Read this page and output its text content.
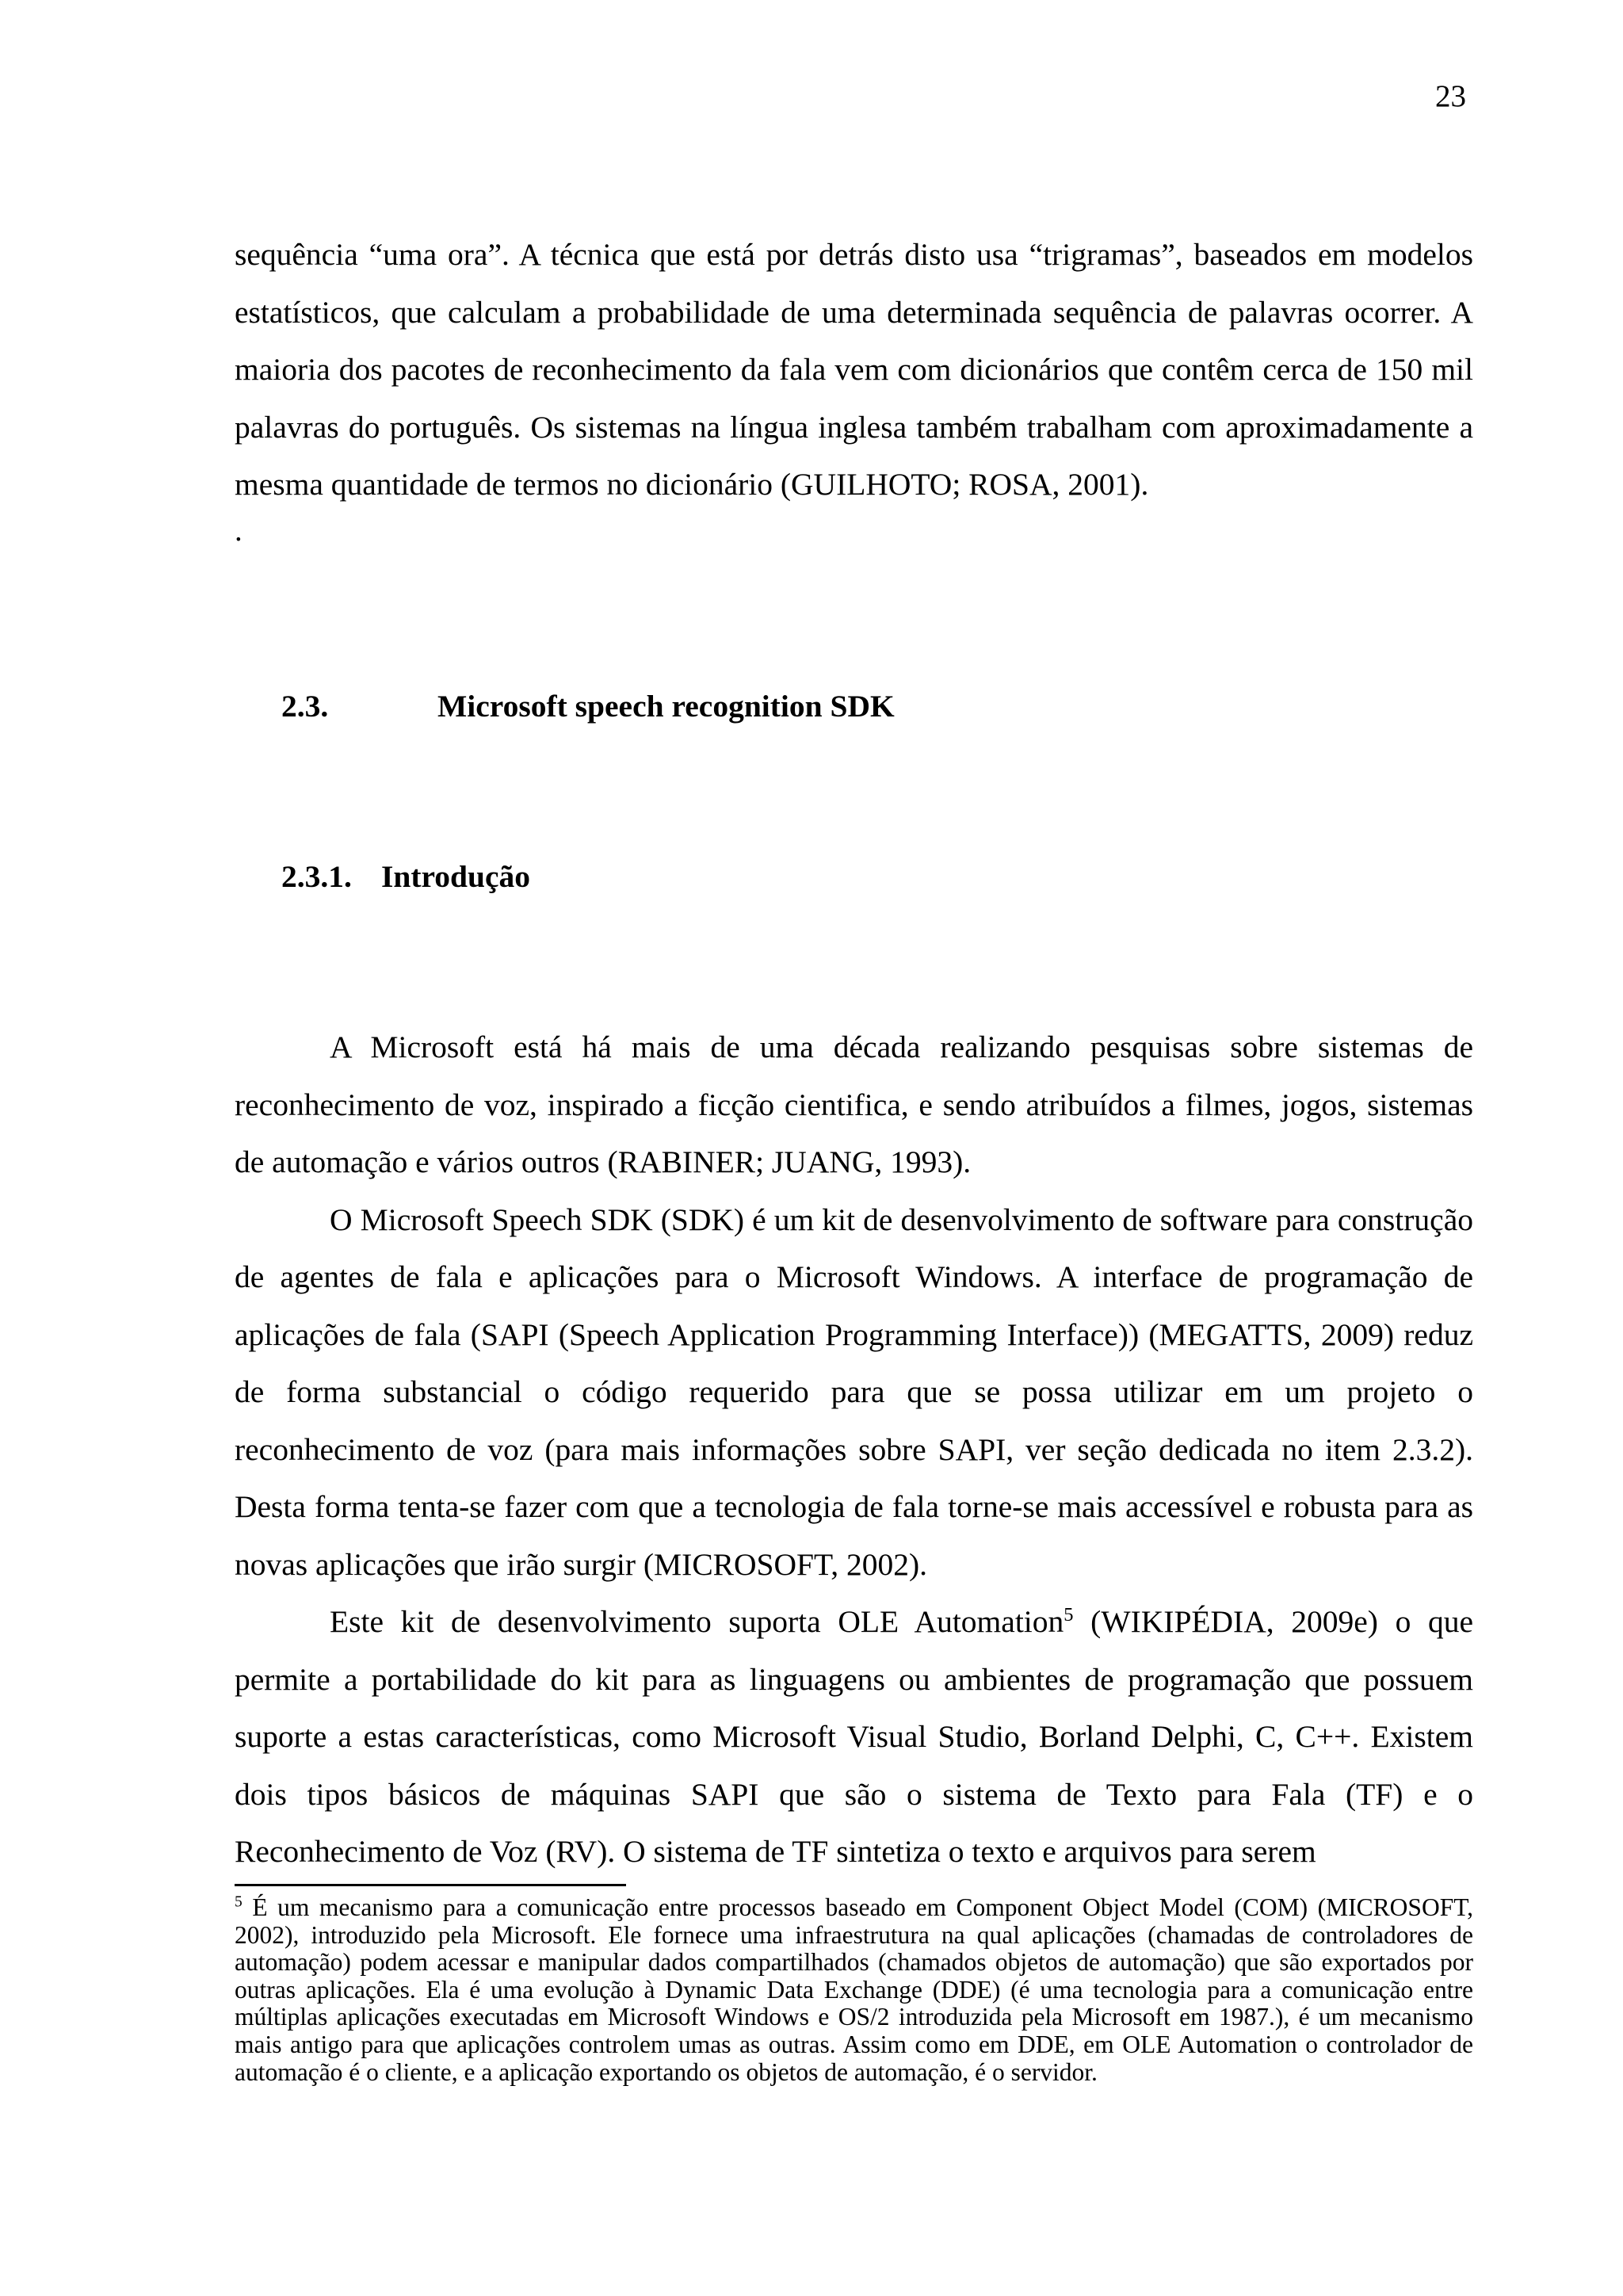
23

sequência “uma ora”. A técnica que está por detrás disto usa “trigramas”, baseados em modelos estatísticos, que calculam a probabilidade de uma determinada sequência de palavras ocorrer. A maioria dos pacotes de reconhecimento da fala vem com dicionários que contêm cerca de 150 mil palavras do português. Os sistemas na língua inglesa também trabalham com aproximadamente a mesma quantidade de termos no dicionário (GUILHOTO; ROSA, 2001).

.
2.3.	Microsoft speech recognition SDK
2.3.1. Introdução

A Microsoft está há mais de uma década realizando pesquisas sobre sistemas de reconhecimento de voz, inspirado a ficção cientifica, e sendo atribuídos a filmes, jogos, sistemas de automação e vários outros (RABINER; JUANG, 1993).

O Microsoft Speech SDK (SDK) é um kit de desenvolvimento de software para construção de agentes de fala e aplicações para o Microsoft Windows. A interface de programação de aplicações de fala (SAPI (Speech Application Programming Interface)) (MEGATTS, 2009) reduz de forma substancial o código requerido para que se possa utilizar em um projeto o reconhecimento de voz (para mais informações sobre SAPI, ver seção dedicada no item 2.3.2). Desta forma tenta-se fazer com que a tecnologia de fala torne-se mais accessível e robusta para as novas aplicações que irão surgir (MICROSOFT, 2002).

Este kit de desenvolvimento suporta OLE Automation$^5$ (WIKIPÉDIA, 2009e) o que permite a portabilidade do kit para as linguagens ou ambientes de programação que possuem suporte a estas características, como Microsoft Visual Studio, Borland Delphi, C, C++. Existem dois tipos básicos de máquinas SAPI que são o sistema de Texto para Fala (TF) e o Reconhecimento de Voz (RV). O sistema de TF sintetiza o texto e arquivos para serem

$^5$ É um mecanismo para a comunicação entre processos baseado em Component Object Model (COM) (MICROSOFT, 2002), introduzido pela Microsoft. Ele fornece uma infraestrutura na qual aplicações (chamadas de controladores de automação) podem acessar e manipular dados compartilhados (chamados objetos de automação) que são exportados por outras aplicações. Ela é uma evolução à Dynamic Data Exchange (DDE) (é uma tecnologia para a comunicação entre múltiplas aplicações executadas em Microsoft Windows e OS/2 introduzida pela Microsoft em 1987.), é um mecanismo mais antigo para que aplicações controlem umas as outras. Assim como em DDE, em OLE Automation o controlador de automação é o cliente, e a aplicação exportando os objetos de automação, é o servidor.
